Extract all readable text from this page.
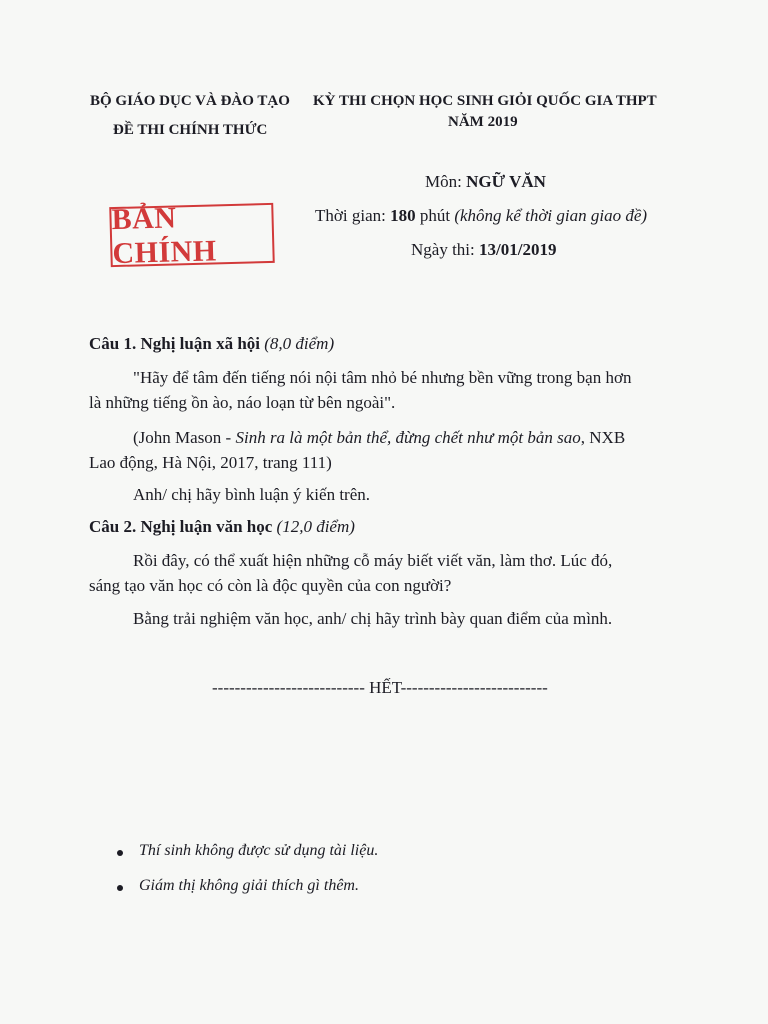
BỘ GIÁO DỤC VÀ ĐÀO TẠO
ĐỀ THI CHÍNH THỨC
KỲ THI CHỌN HỌC SINH GIỎI QUỐC GIA THPT
NĂM 2019
Môn: NGỮ VĂN
Thời gian: 180 phút (không kể thời gian giao đề)
Ngày thi: 13/01/2019
BẢN CHÍNH
Câu 1. Nghị luận xã hội (8,0 điểm)
"Hãy để tâm đến tiếng nói nội tâm nhỏ bé nhưng bền vững trong bạn hơn
là những tiếng ồn ào, náo loạn từ bên ngoài".
(John Mason - Sinh ra là một bản thể, đừng chết như một bản sao, NXB
Lao động, Hà Nội, 2017, trang 111)
Anh/ chị hãy bình luận ý kiến trên.
Câu 2. Nghị luận văn học (12,0 điểm)
Rồi đây, có thể xuất hiện những cỗ máy biết viết văn, làm thơ. Lúc đó,
sáng tạo văn học có còn là độc quyền của con người?
Bằng trải nghiệm văn học, anh/ chị hãy trình bày quan điểm của mình.
--------------------------- HẾT--------------------------
Thí sinh không được sử dụng tài liệu.
Giám thị không giải thích gì thêm.
